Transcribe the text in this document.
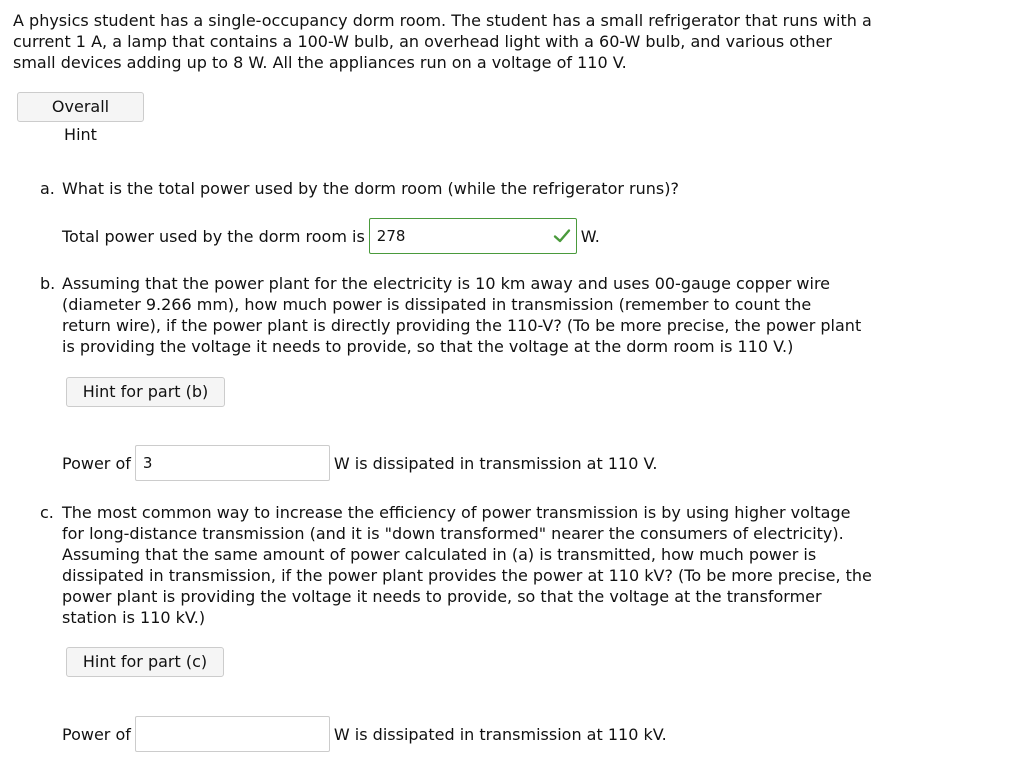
A physics student has a single-occupancy dorm room. The student has a small refrigerator that runs with a current 1 A, a lamp that contains a 100-W bulb, an overhead light with a 60-W bulb, and various other small devices adding up to 8 W. All the appliances run on a voltage of 110 V.

Overall Hint
a. What is the total power used by the dorm room (while the refrigerator runs)?
Total power used by the dorm room is
278	W.
b. Assuming that the power plant for the electricity is 10 km away and uses 00-gauge copper wire (diameter 9.266 mm), how much power is dissipated in transmission (remember to count the return wire), if the power plant is directly providing the 110-V? (To be more precise, the power plant is providing the voltage it needs to provide, so that the voltage at the dorm room is 110 V.)
Hint for part (b)
Power of
3	W is dissipated in transmission at 110 V.
c. The most common way to increase the efficiency of power transmission is by using higher voltage for long-distance transmission (and it is "down transformed" nearer the consumers of electricity). Assuming that the same amount of power calculated in (a) is transmitted, how much power is dissipated in transmission, if the power plant provides the power at 110 kV? (To be more precise, the power plant is providing the voltage it needs to provide, so that the voltage at the transformer station is 110 kV.)
Hint for part (c)
Power of	W is dissipated in transmission at 110 kV.
